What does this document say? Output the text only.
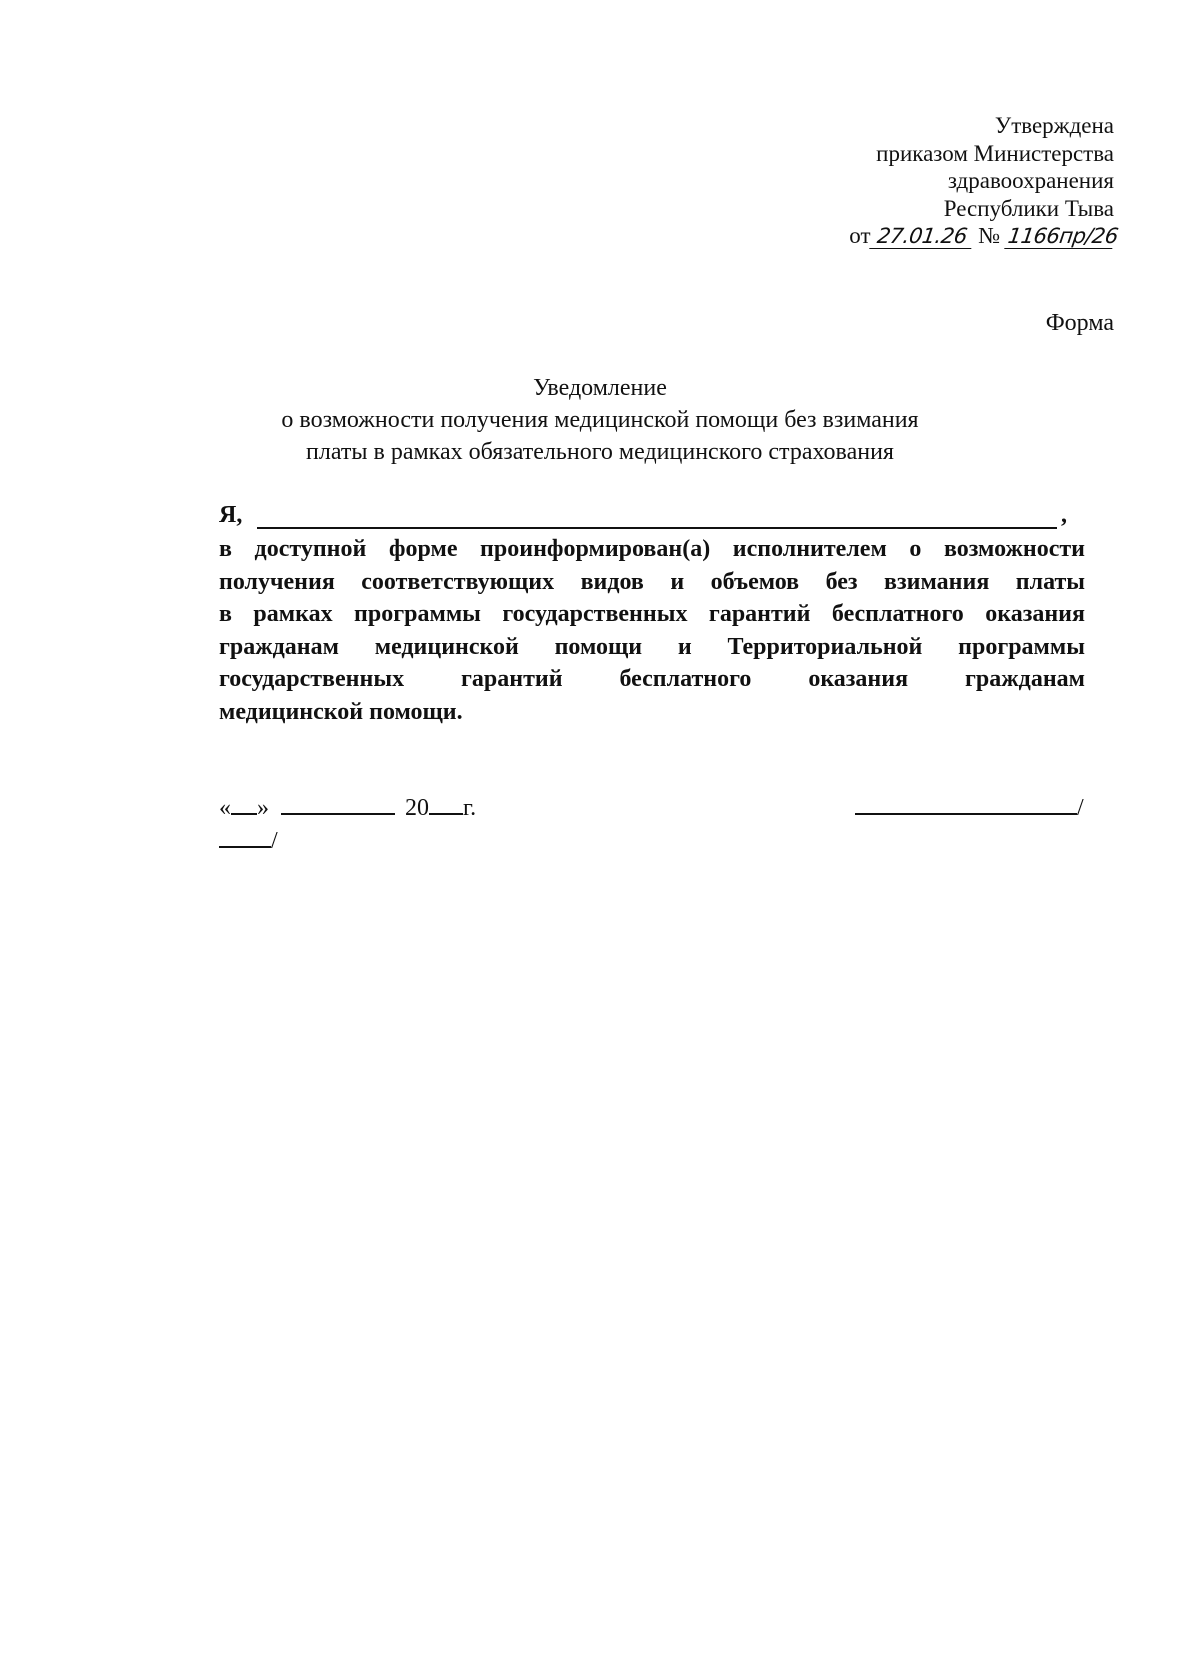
Утверждена
приказом Министерства
здравоохранения
Республики Тыва
от 27.01.26 № 1166пр/26
Форма
Уведомление
о возможности получения медицинской помощи без взимания
платы в рамках обязательного медицинского страхования
Я,	,
в доступной форме проинформирован(а) исполнителем о возможности
получения соответствующих видов и объемов без взимания платы
в рамках программы государственных гарантий бесплатного оказания
гражданам медицинской помощи и Территориальной программы
государственных гарантий бесплатного оказания гражданам
медицинской помощи.
« »	20 г.	/
/
